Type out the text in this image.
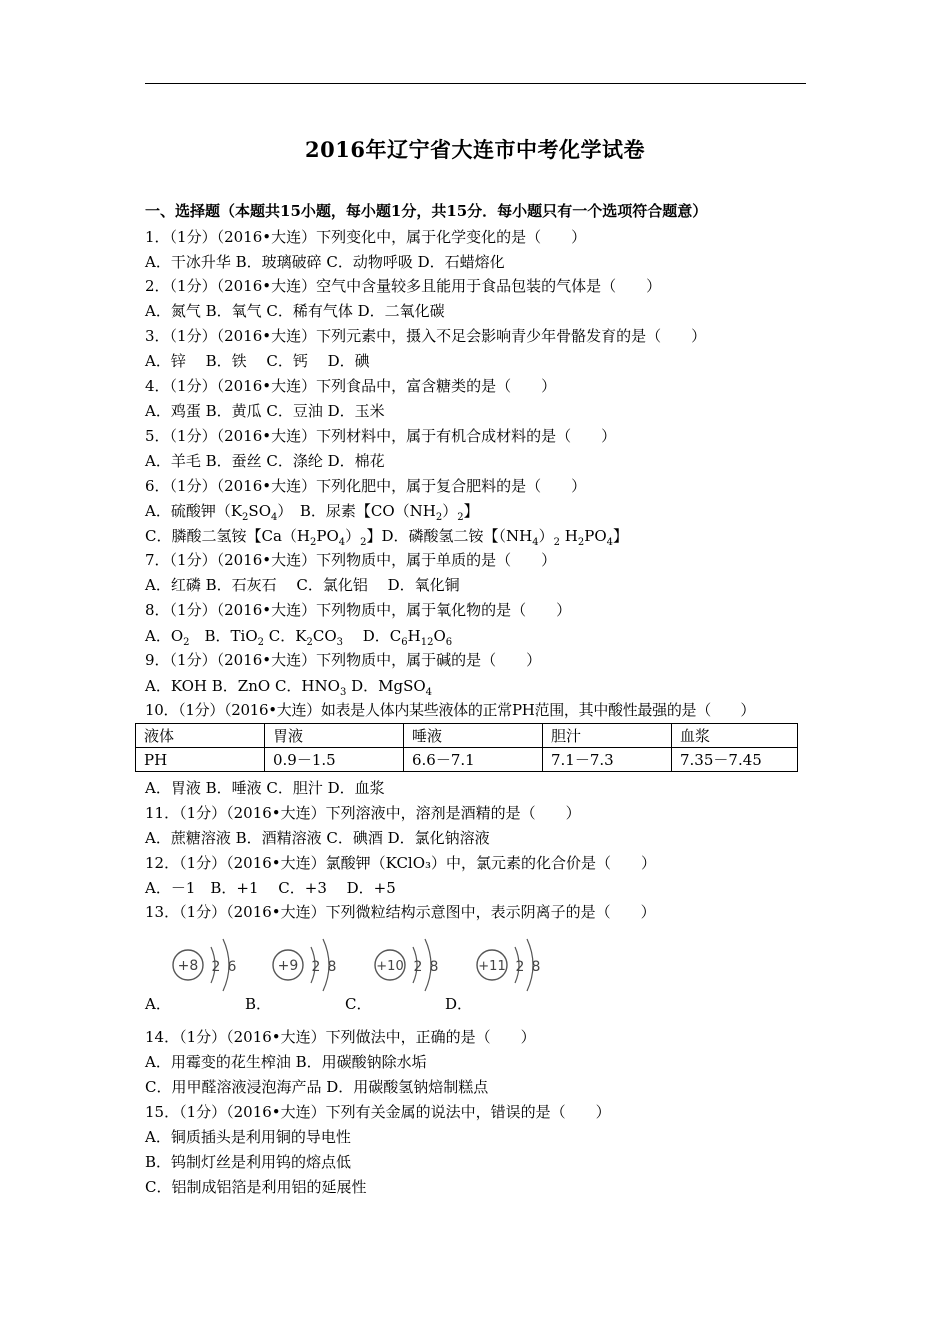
2016年辽宁省大连市中考化学试卷
一、选择题（本题共15小题，每小题1分，共15分．每小题只有一个选项符合题意）
1．（1分）（2016•大连）下列变化中，属于化学变化的是（　　）
A．干冰升华 B．玻璃破碎 C．动物呼吸 D．石蜡熔化
2．（1分）（2016•大连）空气中含量较多且能用于食品包装的气体是（　　）
A．氮气 B．氧气 C．稀有气体 D．二氧化碳
3．（1分）（2016•大连）下列元素中，摄入不足会影响青少年骨骼发育的是（　　）
A．锌　 B．铁　 C．钙　 D．碘
4．（1分）（2016•大连）下列食品中，富含糖类的是（　　）
A．鸡蛋 B．黄瓜 C．豆油 D．玉米
5．（1分）（2016•大连）下列材料中，属于有机合成材料的是（　　）
A．羊毛 B．蚕丝 C．涤纶 D．棉花
6．（1分）（2016•大连）下列化肥中，属于复合肥料的是（　　）
A．硫酸钾$(K_2SO_4)$　B．尿素【$CO(NH_2)_2$】
C．膦酸二氢铵【$Ca(H_2PO_4)_2$】D．磷酸氢二铵【$(NH_4)_2$ $H_2PO_4$】
7．（1分）（2016•大连）下列物质中，属于单质的是（　　）
A．红磷 B．石灰石　 C．氯化铝　 D．氧化铜
8．（1分）（2016•大连）下列物质中，属于氧化物的是（　　）
A．$O_2$　B．TiO$_2$ C．$K_2CO_3$　 D．$C_6H_{12}O_6$
9．（1分）（2016•大连）下列物质中，属于碱的是（　　）
A．KOH B．ZnO C．$HNO_3$ D．MgSO$_4$
10．（1分）（2016•大连）如表是人体内某些液体的正常PH范围，其中酸性最强的是（　　）
液体	胃液	唾液	胆汁	血浆
PH	0.9－1.5	6.6－7.1	7.1－7.3	7.35－7.45
A．胃液 B．唾液 C．胆汁 D．血浆
11．（1分）（2016•大连）下列溶液中，溶剂是酒精的是（　　）
A．蔗糖溶液 B．酒精溶液 C．碘酒 D．氯化钠溶液
12．（1分）（2016•大连）氯酸钾（KClO₃）中，氯元素的化合价是（　　）
A．－1　B．+1　 C．+3　 D．+5
13．（1分）（2016•大连）下列微粒结构示意图中，表示阴离子的是（　　）
A．
+8 2 6
B．
+9 2 8
C．
+10 2 8
D．
+11 2 8
14．（1分）（2016•大连）下列做法中，正确的是（　　）
A．用霉变的花生榨油 B．用碳酸钠除水垢
C．用甲醛溶液浸泡海产品 D．用碳酸氢钠焙制糕点
15．（1分）（2016•大连）下列有关金属的说法中，错误的是（　　）
A．铜质插头是利用铜的导电性
B．钨制灯丝是利用钨的熔点低
C．铝制成铝箔是利用铝的延展性
